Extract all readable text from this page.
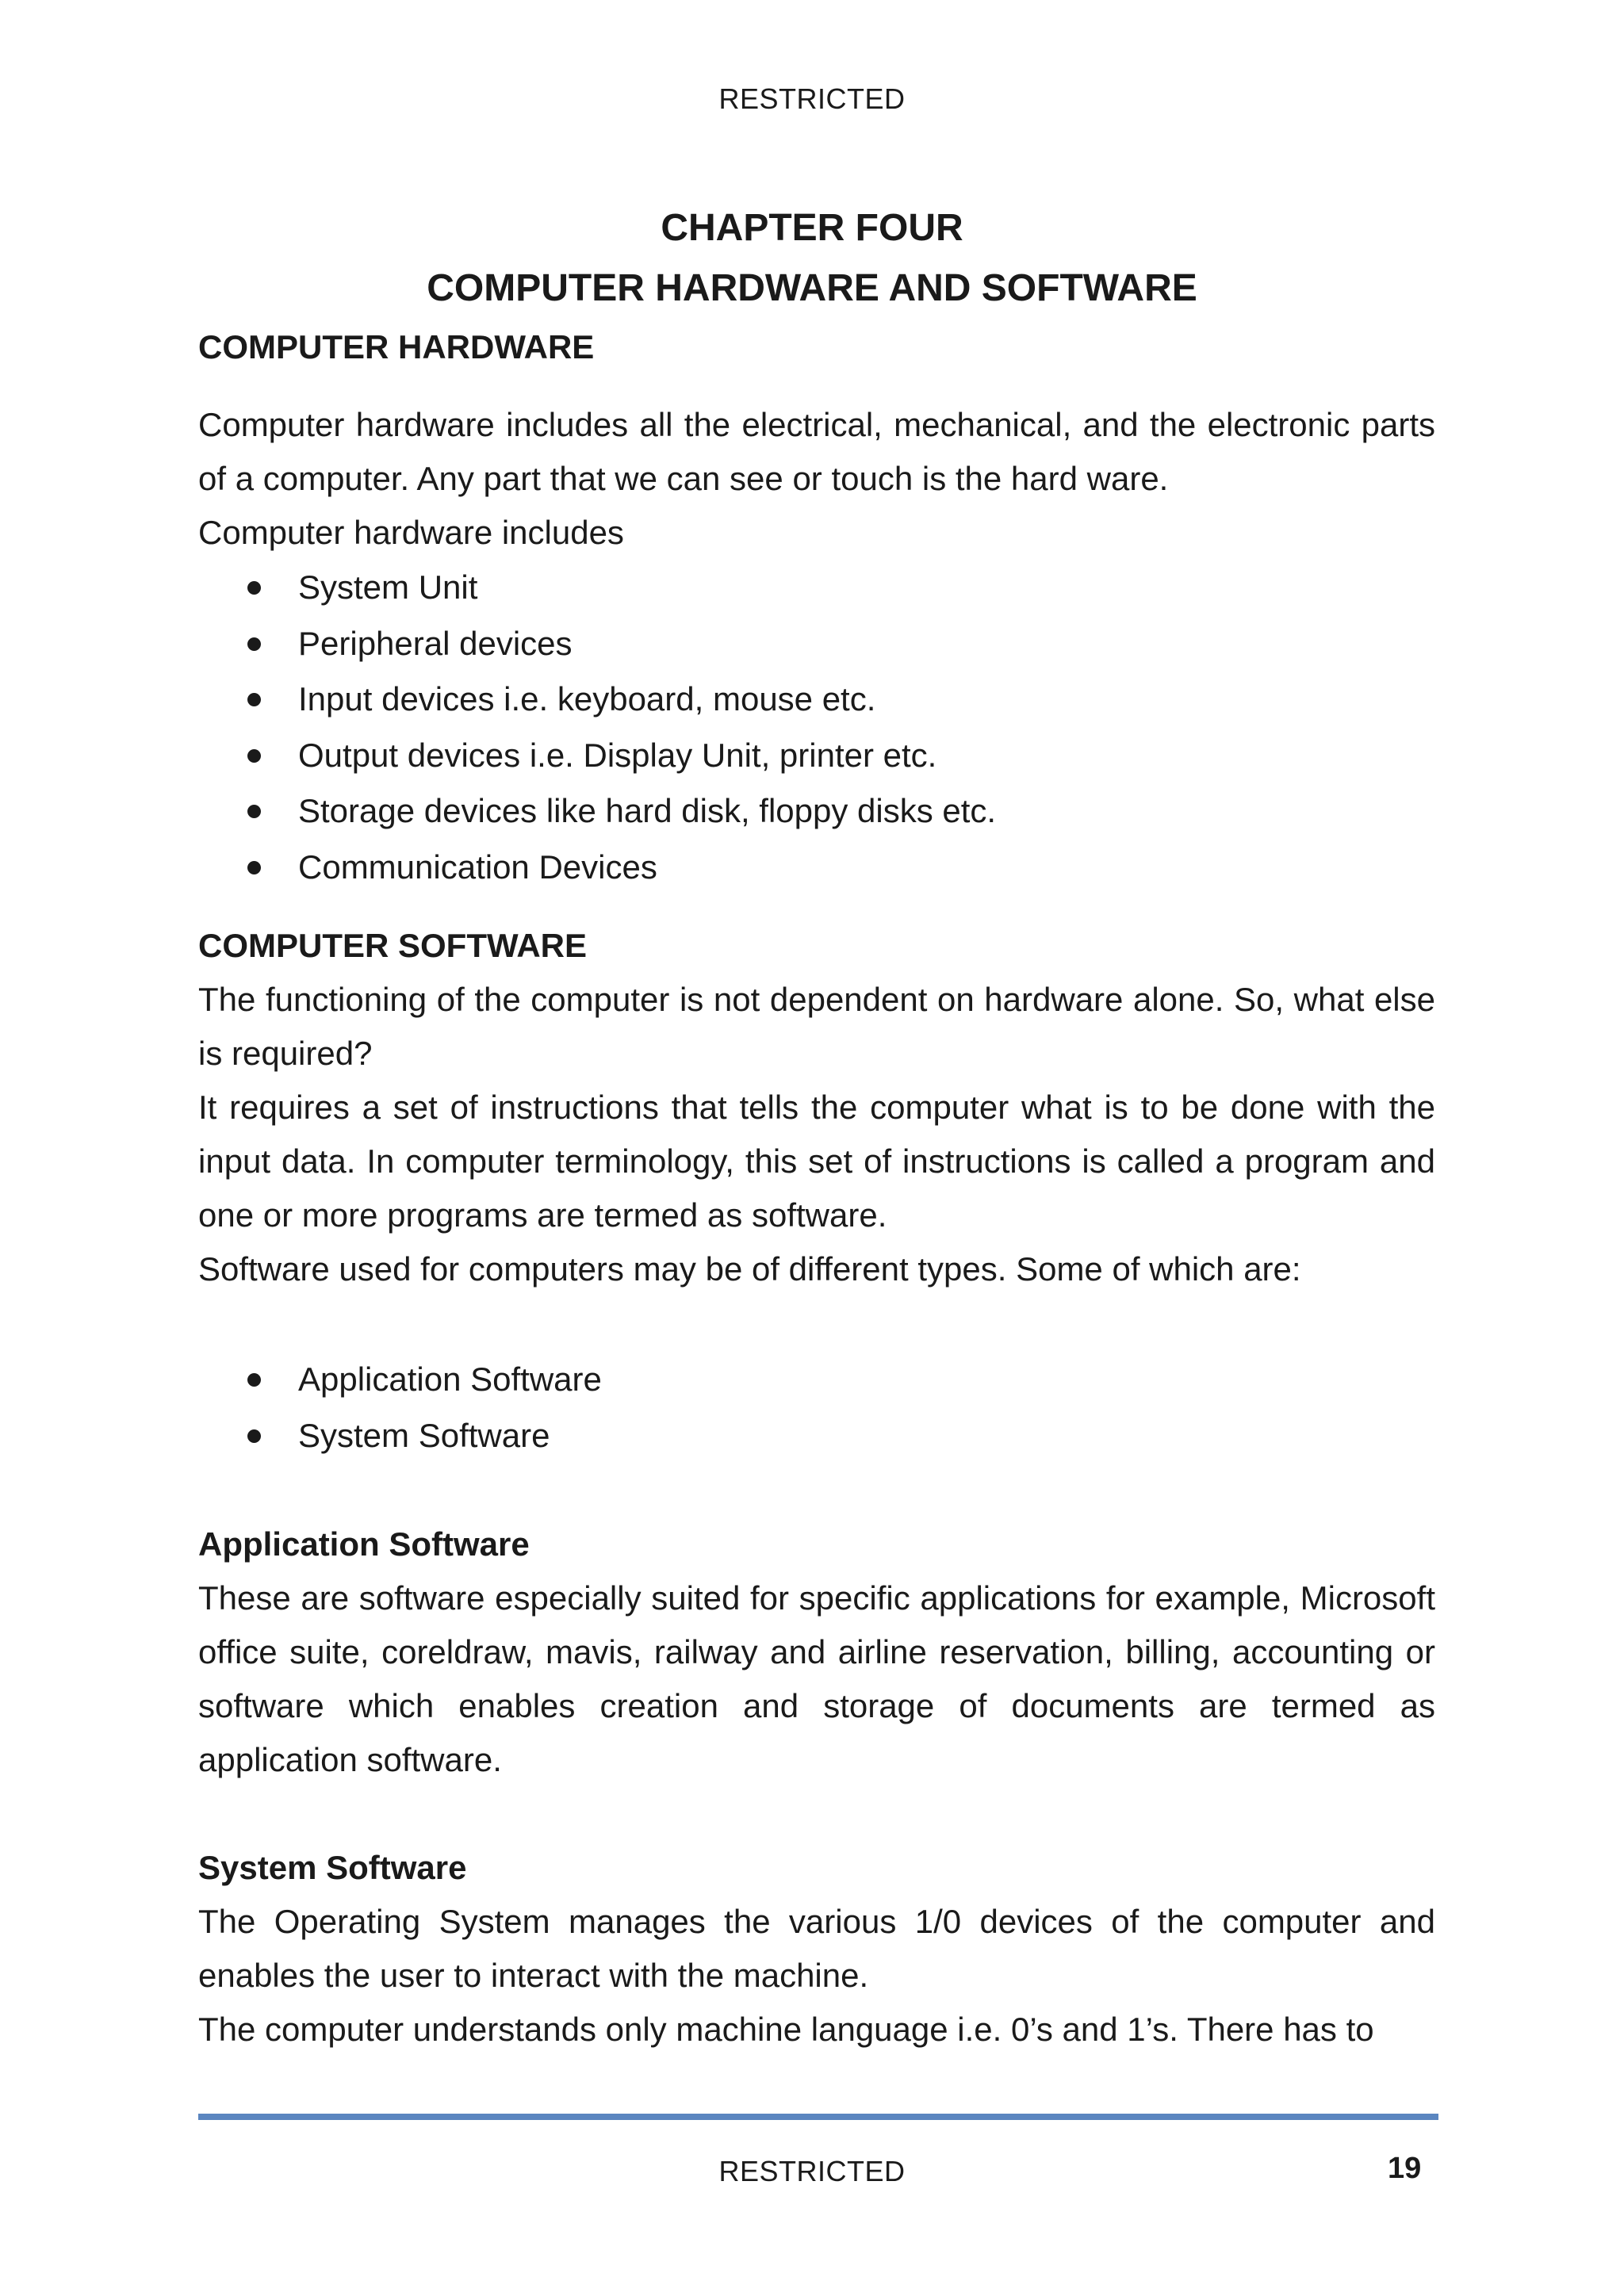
RESTRICTED
CHAPTER FOUR
COMPUTER HARDWARE AND SOFTWARE
COMPUTER HARDWARE

Computer hardware includes all the electrical, mechanical, and the electronic parts of a computer. Any part that we can see or touch is the hard ware.

Computer hardware includes

System Unit
Peripheral devices
Input devices i.e. keyboard, mouse etc.
Output devices i.e. Display Unit, printer etc.
Storage devices like hard disk, floppy disks etc.
Communication Devices
COMPUTER SOFTWARE

The functioning of the computer is not dependent on hardware alone. So, what else is required?

It requires a set of instructions that tells the computer what is to be done with the input data. In computer terminology, this set of instructions is called a program and one or more programs are termed as software.

Software used for computers may be of different types. Some of which are:

Application Software
System Software
Application Software

These are software especially suited for specific applications for example, Microsoft office suite, coreldraw, mavis, railway and airline reservation, billing, accounting or software which enables creation and storage of documents are termed as application software.

System Software

The Operating System manages the various 1/0 devices of the computer and enables the user to interact with the machine.

The computer understands only machine language i.e. 0’s and 1’s. There has to

RESTRICTED	19
